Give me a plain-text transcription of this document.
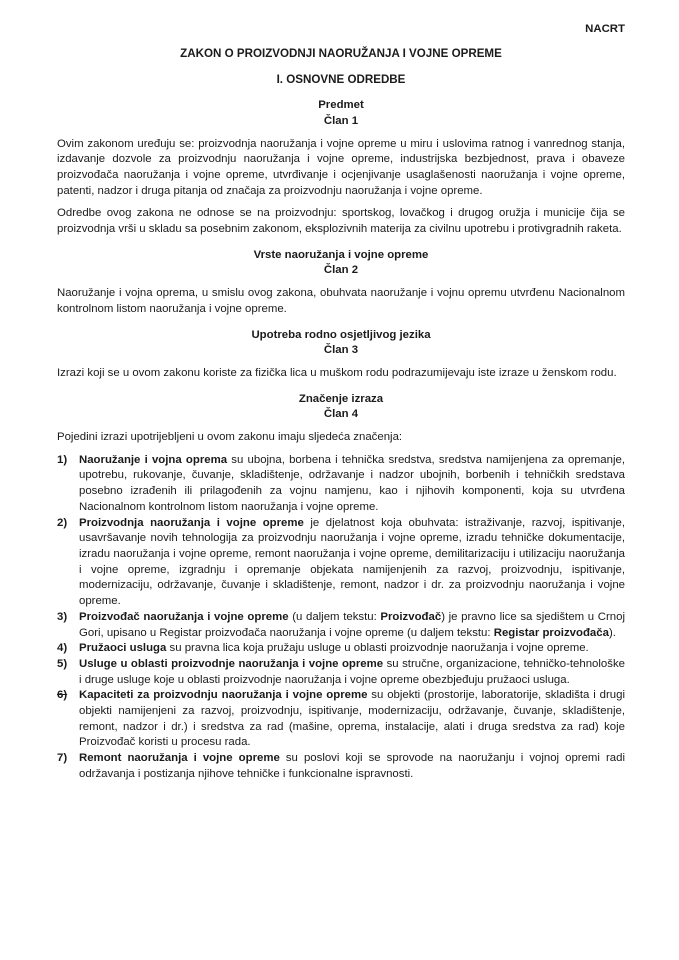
NACRT
ZAKON O PROIZVODNJI NAORUŽANJA I VOJNE OPREME
I. OSNOVNE ODREDBE
Predmet
Član 1

Ovim zakonom uređuju se: proizvodnja naoružanja i vojne opreme u miru i uslovima ratnog i vanrednog stanja, izdavanje dozvole za proizvodnju naoružanja i vojne opreme, industrijska bezbjednost, prava i obaveze proizvođača naoružanja i vojne opreme, utvrđivanje i ocjenjivanje usaglašenosti naoružanja i vojne opreme, patenti, nadzor i druga pitanja od značaja za proizvodnju naoružanja i vojne opreme.

Odredbe ovog zakona ne odnose se na proizvodnju: sportskog, lovačkog i drugog oružja i municije čija se proizvodnja vrši u skladu sa posebnim zakonom, eksplozivnih materija za civilnu upotrebu i protivgradnih raketa.

Vrste naoružanja i vojne opreme
Član 2

Naoružanje i vojna oprema, u smislu ovog zakona, obuhvata naoružanje i vojnu opremu utvrđenu Nacionalnom kontrolnom listom naoružanja i vojne opreme.

Upotreba rodno osjetljivog jezika
Član 3

Izrazi koji se u ovom zakonu koriste za fizička lica u muškom rodu podrazumijevaju iste izraze u ženskom rodu.

Značenje izraza
Član 4

Pojedini izrazi upotrijebljeni u ovom zakonu imaju sljedeća značenja:

1) Naoružanje i vojna oprema su ubojna, borbena i tehnička sredstva, sredstva namijenjena za opremanje, upotrebu, rukovanje, čuvanje, skladištenje, održavanje i nadzor ubojnih, borbenih i tehničkih sredstava posebno izrađenih ili prilagođenih za vojnu namjenu, kao i njihovih komponenti, koja su utvrđena Nacionalnom kontrolnom listom naoružanja i vojne opreme.
2) Proizvodnja naoružanja i vojne opreme je djelatnost koja obuhvata: istraživanje, razvoj, ispitivanje, usavršavanje novih tehnologija za proizvodnju naoružanja i vojne opreme, izradu tehničke dokumentacije, izradu naoružanja i vojne opreme, remont naoružanja i vojne opreme, demilitarizaciju i utilizaciju naoružanja i vojne opreme, izgradnju i opremanje objekata namijenjenih za razvoj, proizvodnju, ispitivanje, modernizaciju, održavanje, čuvanje i skladištenje, remont, nadzor i dr. za proizvodnju naoružanja i vojne opreme.
3) Proizvođač naoružanja i vojne opreme (u daljem tekstu: Proizvođač) je pravno lice sa sjedištem u Crnoj Gori, upisano u Registar proizvođača naoružanja i vojne opreme (u daljem tekstu: Registar proizvođača).
4) Pružaoci usluga su pravna lica koja pružaju usluge u oblasti proizvodnje naoružanja i vojne opreme.
5) Usluge u oblasti proizvodnje naoružanja i vojne opreme su stručne, organizacione, tehničko-tehnološke i druge usluge koje u oblasti proizvodnje naoružanja i vojne opreme obezbjeđuju pružaoci usluga.
6) Kapaciteti za proizvodnju naoružanja i vojne opreme su objekti (prostorije, laboratorije, skladišta i drugi objekti namijenjeni za razvoj, proizvodnju, ispitivanje, modernizaciju, održavanje, čuvanje, skladištenje, remont, nadzor i dr.) i sredstva za rad (mašine, oprema, instalacije, alati i druga sredstva za rad) koje Proizvođač koristi u procesu rada.
7) Remont naoružanja i vojne opreme su poslovi koji se sprovode na naoružanju i vojnoj opremi radi održavanja i postizanja njihove tehničke i funkcionalne ispravnosti.
